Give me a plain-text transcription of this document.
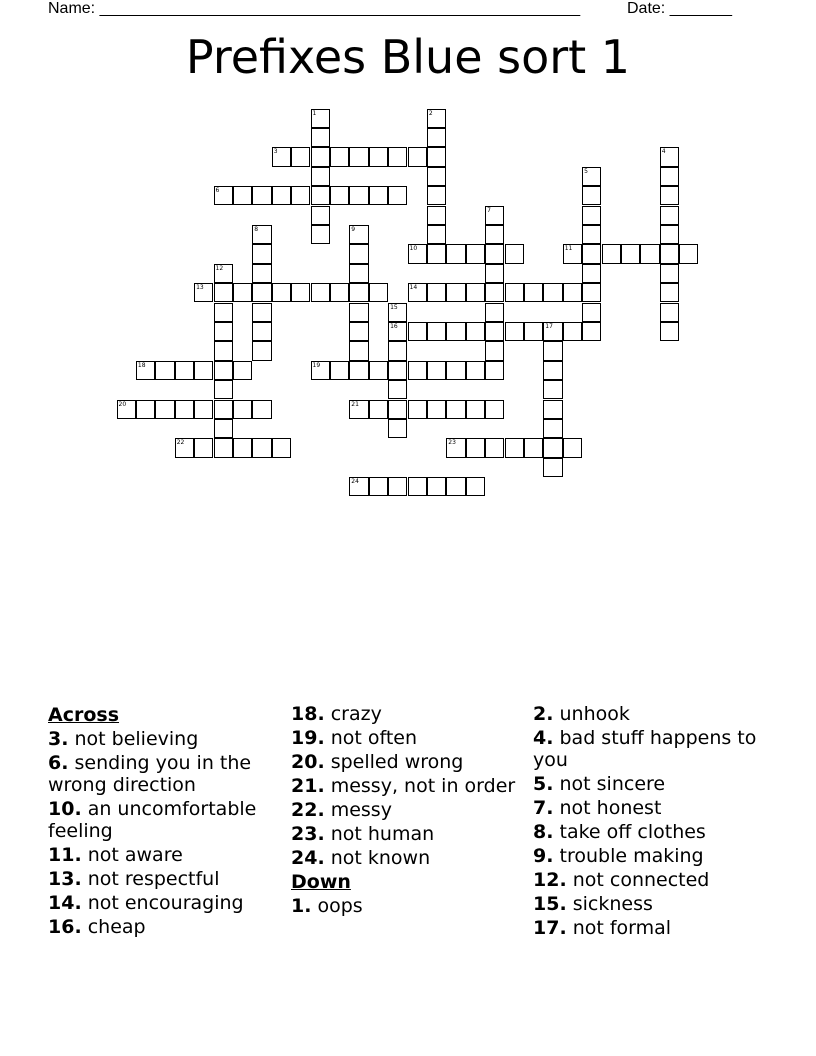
Name: ______________________________________________________	Date: _______
Prefixes Blue sort 1
1	2
3	4
5
6
7
8	9
10	11
12
13	14
15
16	17
18	19
20	21
22	23
24
Across
3. not believing
6. sending you in the wrong direction
10. an uncomfortable feeling
11. not aware
13. not respectful
14. not encouraging
16. cheap
18. crazy
19. not often
20. spelled wrong
21. messy, not in order
22. messy
23. not human
24. not known
Down
1. oops
2. unhook
4. bad stuff happens to you
5. not sincere
7. not honest
8. take off clothes
9. trouble making
12. not connected
15. sickness
17. not formal
